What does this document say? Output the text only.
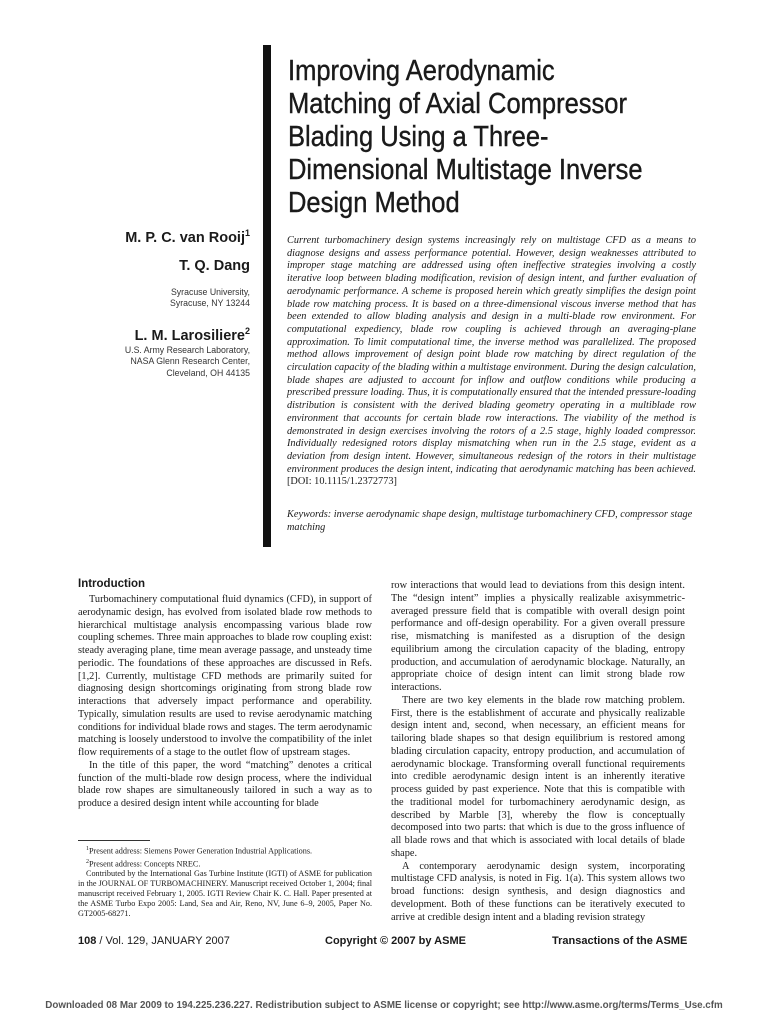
Improving Aerodynamic Matching of Axial Compressor Blading Using a Three-Dimensional Multistage Inverse Design Method
M. P. C. van Rooij$^1$
T. Q. Dang
Syracuse University,
Syracuse, NY 13244
L. M. Larosiliere$^2$
U.S. Army Research Laboratory,
NASA Glenn Research Center,
Cleveland, OH 44135
Current turbomachinery design systems increasingly rely on multistage CFD as a means to diagnose designs and assess performance potential. However, design weaknesses attributed to improper stage matching are addressed using often ineffective strategies involving a costly iterative loop between blading modification, revision of design intent, and further evaluation of aerodynamic performance. A scheme is proposed herein which greatly simplifies the design point blade row matching process. It is based on a three-dimensional viscous inverse method that has been extended to allow blading analysis and design in a multi-blade row environment. For computational expediency, blade row coupling is achieved through an averaging-plane approximation. To limit computational time, the inverse method was parallelized. The proposed method allows improvement of design point blade row matching by direct regulation of the circulation capacity of the blading within a multistage environment. During the design calculation, blade shapes are adjusted to account for inflow and outflow conditions while producing a prescribed pressure loading. Thus, it is computationally ensured that the intended pressure-loading distribution is consistent with the derived blading geometry operating in a multiblade row environment that accounts for certain blade row interactions. The viability of the method is demonstrated in design exercises involving the rotors of a 2.5 stage, highly loaded compressor. Individually redesigned rotors display mismatching when run in the 2.5 stage, evident as a deviation from design intent. However, simultaneous redesign of the rotors in their multistage environment produces the design intent, indicating that aerodynamic matching has been achieved. [DOI: 10.1115/1.2372773]
Keywords: inverse aerodynamic shape design, multistage turbomachinery CFD, compressor stage matching
Introduction

Turbomachinery computational fluid dynamics (CFD), in support of aerodynamic design, has evolved from isolated blade row methods to hierarchical multistage analysis encompassing various blade row coupling schemes. Three main approaches to blade row coupling exist: steady averaging plane, time mean average passage, and unsteady time periodic. The foundations of these approaches are discussed in Refs. [1,2]. Currently, multistage CFD methods are primarily suited for diagnosing design shortcomings originating from strong blade row interactions that adversely impact performance and operability. Typically, simulation results are used to revise aerodynamic matching conditions for individual blade rows and stages. The term aerodynamic matching is loosely understood to involve the compatibility of the inlet flow requirements of a stage to the outlet flow of upstream stages.

In the title of this paper, the word “matching” denotes a critical function of the multi-blade row design process, where the individual blade row shapes are simultaneously tailored in such a way as to produce a desired design intent while accounting for blade

row interactions that would lead to deviations from this design intent. The “design intent” implies a physically realizable axisymmetric-averaged pressure field that is compatible with overall design point performance and off-design operability. For a given overall pressure rise, mismatching is manifested as a disruption of the design equilibrium among the circulation capacity of the blading, entropy production, and accumulation of aerodynamic blockage. Naturally, an appropriate choice of design intent can limit strong blade row interactions.

There are two key elements in the blade row matching problem. First, there is the establishment of accurate and physically realizable design intent and, second, when necessary, an efficient means for tailoring blade shapes so that design equilibrium is restored among blading circulation capacity, entropy production, and accumulation of aerodynamic blockage. Transforming overall functional requirements into credible aerodynamic design intent is an inherently iterative process guided by past experience. Note that this is compatible with the traditional model for turbomachinery aerodynamic design, as described by Marble [3], whereby the flow is conceptually decomposed into two parts: that which is due to the gross influence of all blade rows and that which is associated with local details of blade shape.

A contemporary aerodynamic design system, incorporating multistage CFD analysis, is noted in Fig. 1(a). This system allows two broad functions: design synthesis, and design diagnostics and development. Both of these functions can be iteratively executed to arrive at credible design intent and a blading revision strategy

$^1$Present address: Siemens Power Generation Industrial Applications.

$^2$Present address: Concepts NREC.

Contributed by the International Gas Turbine Institute (IGTI) of ASME for publication in the JOURNAL OF TURBOMACHINERY. Manuscript received October 1, 2004; final manuscript received February 1, 2005. IGTI Review Chair K. C. Hall. Paper presented at the ASME Turbo Expo 2005: Land, Sea and Air, Reno, NV, June 6–9, 2005, Paper No. GT2005-68271.

108 / Vol. 129, JANUARY 2007	Copyright © 2007 by ASME	Transactions of the ASME
Downloaded 08 Mar 2009 to 194.225.236.227. Redistribution subject to ASME license or copyright; see http://www.asme.org/terms/Terms_Use.cfm
